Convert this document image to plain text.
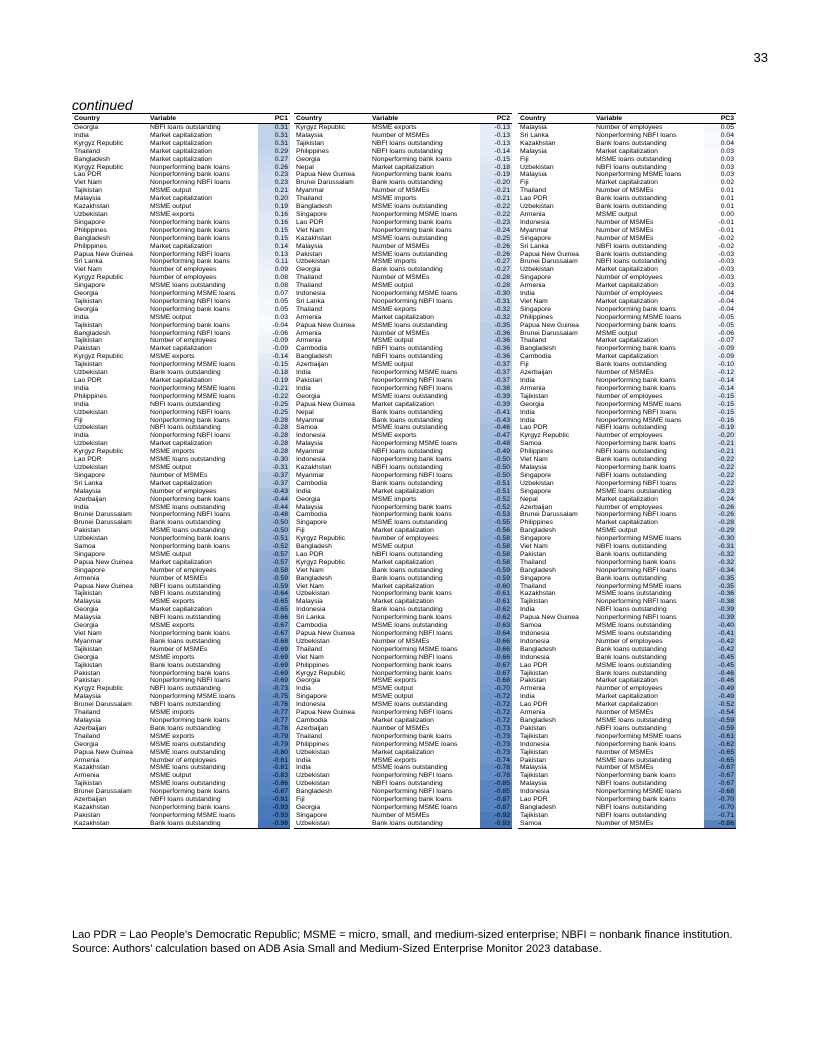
33
continued
Country	Variable	PC1
Georgia	NBFI loans outstanding	0.31
India	Market capitalization	0.31
Kyrgyz Republic	Market capitalization	0.31
Thailand	Market capitalization	0.29
Bangladesh	Market capitalization	0.27
Kyrgyz Republic	Nonperforming bank loans	0.26
Lao PDR	Nonperforming bank loans	0.23
Viet Nam	Nonperforming NBFI loans	0.23
Tajikistan	MSME output	0.21
Malaysia	Market capitalization	0.20
Kazakhstan	MSME output	0.19
Uzbekistan	MSME exports	0.16
Singapore	Nonperforming bank loans	0.16
Philippines	Nonperforming bank loans	0.15
Bangladesh	Nonperforming bank loans	0.15
Philippines	Market capitalization	0.14
Papua New Guinea	Nonperforming NBFI loans	0.13
Sri Lanka	Nonperforming bank loans	0.11
Viet Nam	Number of employees	0.09
Kyrgyz Republic	Number of employees	0.08
Singapore	MSME loans outstanding	0.08
Georgia	Nonperforming MSME loans	0.07
Tajikistan	Nonperforming NBFI loans	0.05
Georgia	Nonperforming bank loans	0.05
India	MSME output	0.03
Tajikistan	Nonperforming bank loans	-0.04
Bangladesh	Nonperforming NBFI loans	-0.06
Tajikistan	Number of employees	-0.09
Pakistan	Market capitalization	-0.09
Kyrgyz Republic	MSME exports	-0.14
Tajikistan	Nonperforming MSME loans	-0.15
Uzbekistan	Bank loans outstanding	-0.18
Lao PDR	Market capitalization	-0.19
India	Nonperforming MSME loans	-0.21
Philippines	Nonperforming MSME loans	-0.22
India	NBFI loans outstanding	-0.25
Uzbekistan	Nonperforming NBFI loans	-0.25
Fiji	Nonperforming bank loans	-0.28
Uzbekistan	NBFI loans outstanding	-0.28
India	Nonperforming NBFI loans	-0.28
Uzbekistan	Market capitalization	-0.28
Kyrgyz Republic	MSME imports	-0.28
Lao PDR	MSME loans outstanding	-0.30
Uzbekistan	MSME output	-0.31
Singapore	Number of MSMEs	-0.37
Sri Lanka	Market capitalization	-0.37
Malaysia	Number of employees	-0.43
Azerbaijan	Nonperforming bank loans	-0.44
India	MSME loans outstanding	-0.44
Brunei Darussalam	Nonperforming NBFI loans	-0.48
Brunei Darussalam	Bank loans outstanding	-0.50
Pakistan	MSME loans outstanding	-0.50
Uzbekistan	Nonperforming bank loans	-0.51
Samoa	Nonperforming bank loans	-0.52
Singapore	MSME output	-0.57
Papua New Guinea	Market capitalization	-0.57
Singapore	Number of employees	-0.58
Armenia	Number of MSMEs	-0.59
Papua New Guinea	NBFI loans outstanding	-0.59
Tajikistan	NBFI loans outstanding	-0.64
Malaysia	MSME exports	-0.65
Georgia	Market capitalization	-0.65
Malaysia	NBFI loans outstanding	-0.66
Georgia	MSME exports	-0.67
Viet Nam	Nonperforming bank loans	-0.67
Myanmar	Bank loans outstanding	-0.68
Tajikistan	Number of MSMEs	-0.69
Georgia	MSME imports	-0.69
Tajikistan	Bank loans outstanding	-0.69
Pakistan	Nonperforming bank loans	-0.69
Pakistan	Nonperforming NBFI loans	-0.69
Kyrgyz Republic	NBFI loans outstanding	-0.73
Malaysia	Nonperforming MSME loans	-0.75
Brunei Darussalam	NBFI loans outstanding	-0.76
Thailand	MSME imports	-0.77
Malaysia	Nonperforming bank loans	-0.77
Azerbaijan	Bank loans outstanding	-0.78
Thailand	MSME exports	-0.79
Georgia	MSME loans outstanding	-0.79
Papua New Guinea	MSME loans outstanding	-0.80
Armenia	Number of employees	-0.81
Kazakhstan	MSME loans outstanding	-0.81
Armenia	MSME output	-0.83
Tajikistan	MSME loans outstanding	-0.86
Brunei Darussalam	Nonperforming bank loans	-0.87
Azerbaijan	NBFI loans outstanding	-0.91
Kazakhstan	Nonperforming bank loans	-0.93
Pakistan	Nonperforming MSME loans	-0.93
Kazakhstan	Bank loans outstanding	-0.96
Country	Variable	PC2
Kyrgyz Republic	MSME exports	-0.13
Malaysia	Number of MSMEs	-0.13
Tajikistan	NBFI loans outstanding	-0.13
Philippines	NBFI loans outstanding	-0.14
Georgia	Nonperforming bank loans	-0.15
Nepal	Market capitalization	-0.18
Papua New Guinea	Nonperforming bank loans	-0.19
Brunei Darussalam	Bank loans outstanding	-0.20
Myanmar	Number of MSMEs	-0.21
Thailand	MSME imports	-0.21
Bangladesh	MSME loans outstanding	-0.22
Singapore	Nonperforming MSME loans	-0.22
Lao PDR	Nonperforming bank loans	-0.23
Viet Nam	Nonperforming bank loans	-0.24
Kazakhstan	MSME loans outstanding	-0.25
Malaysia	Number of MSMEs	-0.26
Pakistan	MSME loans outstanding	-0.26
Uzbekistan	MSME imports	-0.27
Georgia	Bank loans outstanding	-0.27
Thailand	Number of MSMEs	-0.28
Thailand	MSME output	-0.28
Indonesia	Nonperforming MSME loans	-0.30
Sri Lanka	Nonperforming NBFI loans	-0.31
Thailand	MSME exports	-0.32
Armenia	Market capitalization	-0.32
Papua New Guinea	MSME loans outstanding	-0.35
Armenia	Number of MSMEs	-0.36
Armenia	MSME output	-0.36
Cambodia	NBFI loans outstanding	-0.36
Bangladesh	NBFI loans outstanding	-0.36
Azerbaijan	MSME output	-0.37
India	Nonperforming MSME loans	-0.37
Pakistan	Nonperforming NBFI loans	-0.37
India	Nonperforming NBFI loans	-0.38
Georgia	MSME loans outstanding	-0.39
Papua New Guinea	Market capitalization	-0.39
Nepal	Bank loans outstanding	-0.41
Myanmar	Bank loans outstanding	-0.43
Samoa	MSME loans outstanding	-0.46
Indonesia	MSME exports	-0.47
Malaysia	Nonperforming MSME loans	-0.48
Myanmar	NBFI loans outstanding	-0.49
Indonesia	Nonperforming bank loans	-0.50
Kazakhstan	NBFI loans outstanding	-0.50
Myanmar	Nonperforming NBFI loans	-0.50
Cambodia	Bank loans outstanding	-0.51
India	Market capitalization	-0.51
Georgia	MSME imports	-0.52
Malaysia	Nonperforming bank loans	-0.52
Cambodia	Nonperforming bank loans	-0.53
Singapore	MSME loans outstanding	-0.55
Fiji	Market capitalization	-0.56
Kyrgyz Republic	Number of employees	-0.58
Bangladesh	MSME output	-0.58
Lao PDR	NBFI loans outstanding	-0.58
Kyrgyz Republic	Market capitalization	-0.58
Viet Nam	Bank loans outstanding	-0.59
Bangladesh	Bank loans outstanding	-0.59
Viet Nam	Market capitalization	-0.60
Uzbekistan	Nonperforming bank loans	-0.61
Malaysia	Market capitalization	-0.61
Indonesia	Bank loans outstanding	-0.62
Sri Lanka	Nonperforming bank loans	-0.62
Cambodia	MSME loans outstanding	-0.63
Papua New Guinea	Nonperforming NBFI loans	-0.64
Uzbekistan	Number of MSMEs	-0.66
Thailand	Nonperforming MSME loans	-0.66
Viet Nam	Nonperforming NBFI loans	-0.66
Philippines	Nonperforming bank loans	-0.67
Kyrgyz Republic	Nonperforming bank loans	-0.67
Georgia	MSME exports	-0.68
India	MSME output	-0.70
Singapore	MSME output	-0.72
Indonesia	MSME loans outstanding	-0.72
Papua New Guinea	Nonperforming NBFI loans	-0.72
Cambodia	Market capitalization	-0.72
Azerbaijan	Number of MSMEs	-0.73
Thailand	Nonperforming bank loans	-0.73
Philippines	Nonperforming MSME loans	-0.73
Uzbekistan	Market capitalization	-0.73
India	MSME exports	-0.74
India	MSME loans outstanding	-0.78
Uzbekistan	Nonperforming NBFI loans	-0.78
Uzbekistan	NBFI loans outstanding	-0.85
Bangladesh	Nonperforming NBFI loans	-0.85
Fiji	Nonperforming bank loans	-0.87
Georgia	Nonperforming MSME loans	-0.87
Singapore	Number of MSMEs	-0.92
Uzbekistan	Bank loans outstanding	-0.93
Country	Variable	PC3
Malaysia	Number of employees	0.05
Sri Lanka	Nonperforming NBFI loans	0.04
Kazakhstan	Bank loans outstanding	0.04
Malaysia	Market capitalization	0.03
Fiji	MSME loans outstanding	0.03
Uzbekistan	NBFI loans outstanding	0.03
Malaysia	Nonperforming MSME loans	0.03
Fiji	Market capitalization	0.02
Thailand	Number of MSMEs	0.01
Lao PDR	Bank loans outstanding	0.01
Uzbekistan	Bank loans outstanding	0.01
Armenia	MSME output	0.00
Indonesia	Number of MSMEs	-0.01
Myanmar	Number of MSMEs	-0.01
Singapore	Number of MSMEs	-0.02
Sri Lanka	NBFI loans outstanding	-0.02
Papua New Guinea	Bank loans outstanding	-0.03
Brunei Darussalam	NBFI loans outstanding	-0.03
Uzbekistan	Market capitalization	-0.03
Singapore	Number of employees	-0.03
Armenia	Market capitalization	-0.03
India	Number of employees	-0.04
Viet Nam	Market capitalization	-0.04
Singapore	Nonperforming bank loans	-0.04
Philippines	Nonperforming MSME loans	-0.05
Papua New Guinea	Nonperforming bank loans	-0.05
Brunei Darussalam	MSME output	-0.06
Thailand	Market capitalization	-0.07
Bangladesh	Nonperforming bank loans	-0.09
Cambodia	Market capitalization	-0.09
Fiji	Bank loans outstanding	-0.10
Azerbaijan	Number of MSMEs	-0.12
India	Nonperforming bank loans	-0.14
Armenia	Nonperforming bank loans	-0.14
Tajikistan	Number of employees	-0.15
Georgia	Nonperforming MSME loans	-0.15
India	Nonperforming NBFI loans	-0.15
India	Nonperforming MSME loans	-0.16
Lao PDR	NBFI loans outstanding	-0.19
Kyrgyz Republic	Number of employees	-0.20
Samoa	Nonperforming bank loans	-0.21
Philippines	NBFI loans outstanding	-0.21
Viet Nam	Bank loans outstanding	-0.22
Malaysia	Nonperforming bank loans	-0.22
Singapore	NBFI loans outstanding	-0.22
Uzbekistan	Nonperforming NBFI loans	-0.22
Singapore	MSME loans outstanding	-0.23
Nepal	Market capitalization	-0.24
Azerbaijan	Number of employees	-0.26
Brunei Darussalam	Nonperforming NBFI loans	-0.26
Philippines	Market capitalization	-0.28
Bangladesh	MSME output	-0.29
Singapore	Nonperforming MSME loans	-0.30
Viet Nam	NBFI loans outstanding	-0.31
Pakistan	Bank loans outstanding	-0.32
Thailand	Nonperforming bank loans	-0.32
Bangladesh	Nonperforming NBFI loans	-0.34
Singapore	Bank loans outstanding	-0.35
Thailand	Nonperforming MSME loans	-0.35
Kazakhstan	MSME loans outstanding	-0.36
Tajikistan	Nonperforming NBFI loans	-0.38
India	NBFI loans outstanding	-0.39
Papua New Guinea	Nonperforming NBFI loans	-0.39
Samoa	MSME loans outstanding	-0.40
Indonesia	MSME loans outstanding	-0.41
Indonesia	Number of employees	-0.42
Bangladesh	Bank loans outstanding	-0.42
Indonesia	Bank loans outstanding	-0.45
Lao PDR	MSME loans outstanding	-0.45
Tajikistan	Bank loans outstanding	-0.46
Pakistan	Market capitalization	-0.46
Armenia	Number of employees	-0.49
India	Market capitalization	-0.49
Lao PDR	Market capitalization	-0.52
Armenia	Number of MSMEs	-0.54
Bangladesh	MSME loans outstanding	-0.59
Pakistan	NBFI loans outstanding	-0.59
Tajikistan	Nonperforming MSME loans	-0.61
Indonesia	Nonperforming bank loans	-0.62
Tajikistan	Number of MSMEs	-0.65
Pakistan	MSME loans outstanding	-0.65
Malaysia	Number of MSMEs	-0.67
Tajikistan	Nonperforming bank loans	-0.67
Malaysia	NBFI loans outstanding	-0.67
Indonesia	Nonperforming MSME loans	-0.68
Lao PDR	Nonperforming bank loans	-0.70
Bangladesh	NBFI loans outstanding	-0.70
Tajikistan	NBFI loans outstanding	-0.71
Samoa	Number of MSMEs	-0.86
Lao PDR = Lao People’s Democratic Republic; MSME = micro, small, and medium-sized enterprise; NBFI = nonbank finance institution.
Source: Authors’ calculation based on ADB Asia Small and Medium-Sized Enterprise Monitor 2023 database.
